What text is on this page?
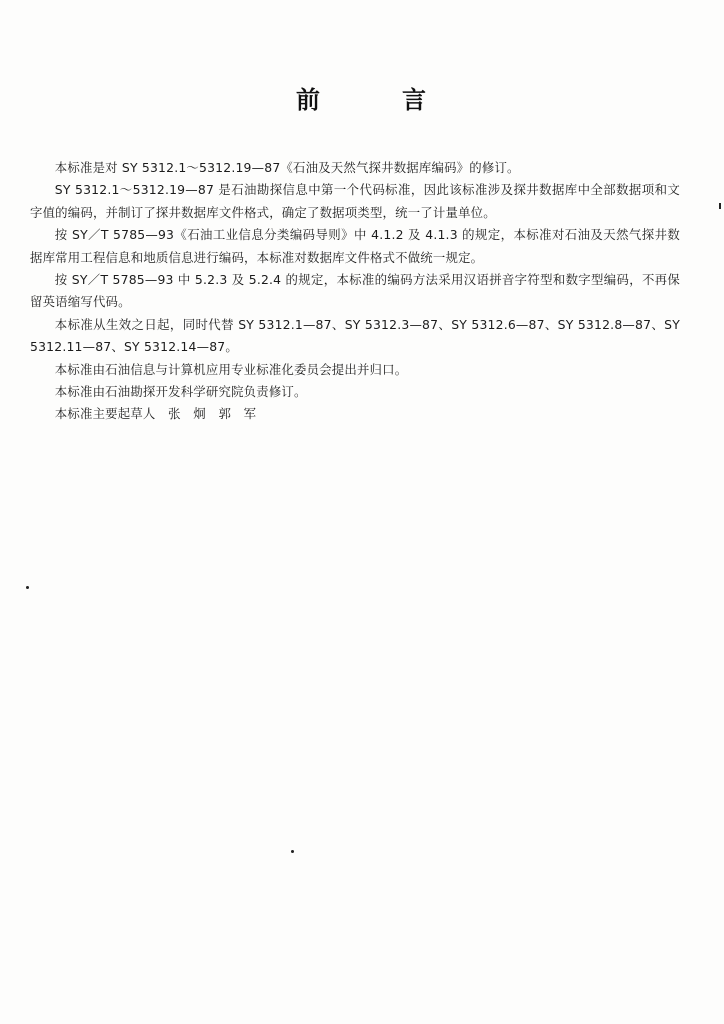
前	言

本标准是对 SY 5312.1～5312.19—87《石油及天然气探井数据库编码》的修订。

SY 5312.1～5312.19—87 是石油勘探信息中第一个代码标准，因此该标准涉及探井数据库中全部数据项和文字值的编码，并制订了探井数据库文件格式，确定了数据项类型，统一了计量单位。

按 SY／T 5785—93《石油工业信息分类编码导则》中 4.1.2 及 4.1.3 的规定，本标准对石油及天然气探井数据库常用工程信息和地质信息进行编码，本标准对数据库文件格式不做统一规定。

按 SY／T 5785—93 中 5.2.3 及 5.2.4 的规定，本标准的编码方法采用汉语拼音字符型和数字型编码，不再保留英语缩写代码。

本标准从生效之日起，同时代替 SY 5312.1—87、SY 5312.3—87、SY 5312.6—87、SY 5312.8—87、SY 5312.11—87、SY 5312.14—87。

本标准由石油信息与计算机应用专业标准化委员会提出并归口。

本标准由石油勘探开发科学研究院负责修订。

本标准主要起草人　张　炯　郭　军
